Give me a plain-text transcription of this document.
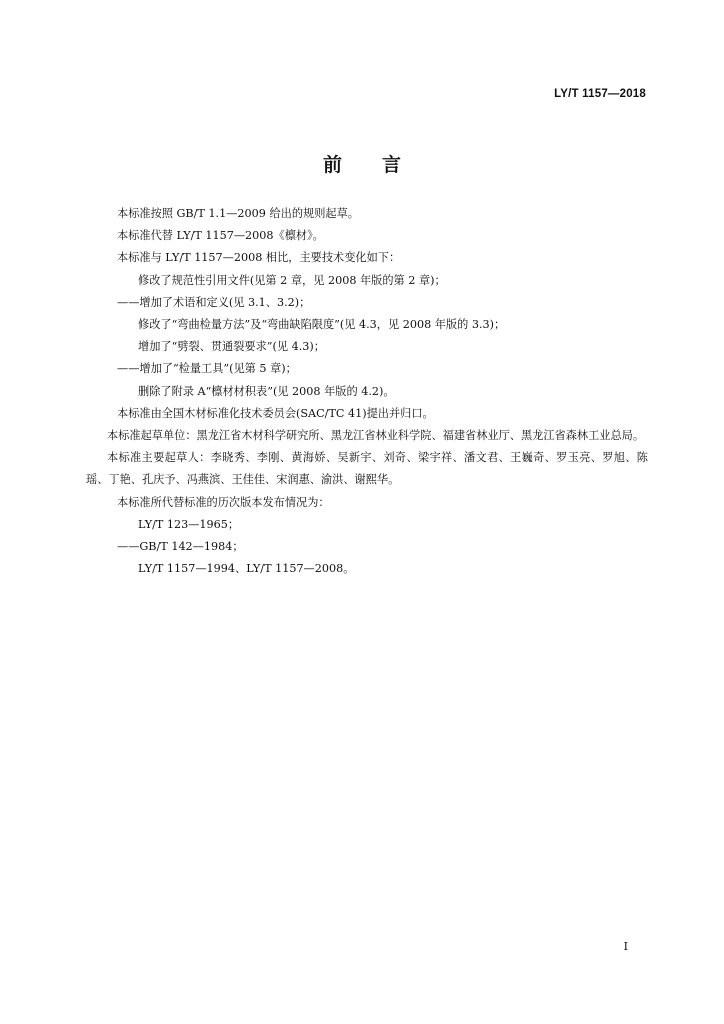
LY/T 1157—2018
前 言

本标准按照 GB/T 1.1—2009 给出的规则起草。

本标准代替 LY/T 1157—2008《檩材》。

本标准与 LY/T 1157—2008 相比，主要技术变化如下：

修改了规范性引用文件(见第 2 章，见 2008 年版的第 2 章)；

——增加了术语和定义(见 3.1、3.2)；

修改了“弯曲检量方法”及“弯曲缺陷限度”(见 4.3，见 2008 年版的 3.3)；

增加了“劈裂、贯通裂要求”(见 4.3)；

——增加了“检量工具”(见第 5 章)；

删除了附录 A“檩材材积表”(见 2008 年版的 4.2)。

本标准由全国木材标准化技术委员会(SAC/TC 41)提出并归口。

本标准起草单位：黑龙江省木材科学研究所、黑龙江省林业科学院、福建省林业厅、黑龙江省森林工业总局。

本标准主要起草人：李晓秀、李刚、黄海娇、吴新宇、刘奇、梁宇祥、潘文君、王巍奇、罗玉亮、罗旭、陈瑶、丁艳、孔庆予、冯燕滨、王佳佳、宋润惠、渝洪、谢熙华。

本标准所代替标准的历次版本发布情况为：

LY/T 123—1965；

——GB/T 142—1984；

LY/T 1157—1994、LY/T 1157—2008。

I
